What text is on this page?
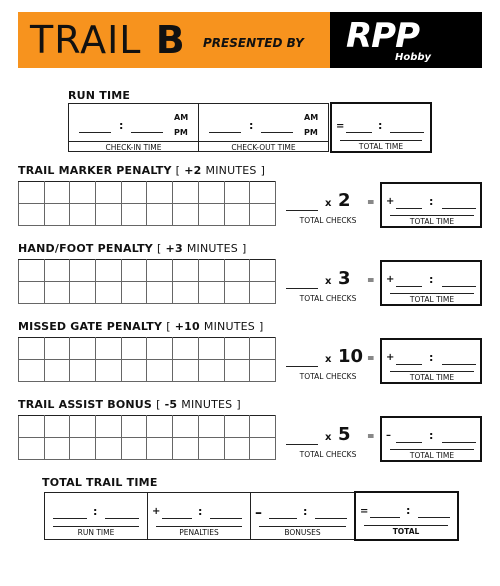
TRAIL B PRESENTED BY RPP
Hobby
RUN TIME
AM
PM
:
CHECK-IN TIME
AM
PM
:
CHECK-OUT TIME
=	:
TOTAL TIME
TRAIL MARKER PENALTY [ +2 MINUTES ]

x 2 =
TOTAL CHECKS
+	:
TOTAL TIME
HAND/FOOT PENALTY [ +3 MINUTES ]

x 3 =
TOTAL CHECKS
+	:
TOTAL TIME
MISSED GATE PENALTY [ +10 MINUTES ]

x 10 =
TOTAL CHECKS
+	:
TOTAL TIME
TRAIL ASSIST BONUS [ -5 MINUTES ]

x 5 =
TOTAL CHECKS
–	:
TOTAL TIME
TOTAL TRAIL TIME
:
RUN TIME
+	:
PENALTIES
–	:
BONUSES
=	:
TOTAL
